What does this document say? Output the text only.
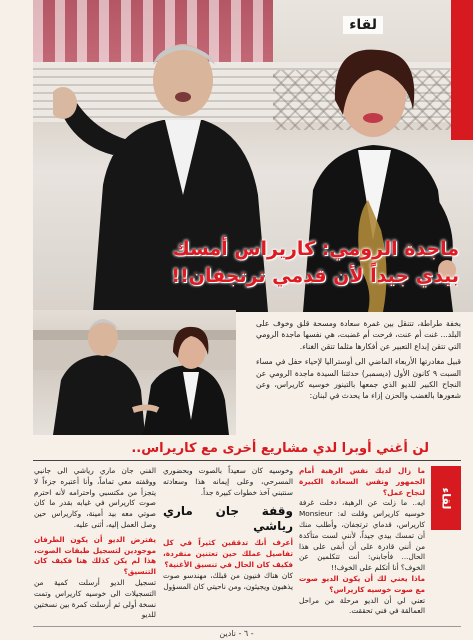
لقاء
ماجدة الرومي: كاريراس أمسك
بيدي جيداً لأن قدمي ترتجفان!!

بخفة طراطة، تتنقل بين غمرة سعادة ومسحة قلق وخوف على البلد... غنت أم عنت، فرحت أم غضبت، هي نفسها ماجدة الرومي التي تتقن إبداع التعبير عن أفكارها مثلما تتقن الغناء.

قبيل مغادرتها الأربعاء الماضي الى أوستراليا لإحياء حفل في مساء السبت ٩ كانون الأول (ديسمبر) حدثتنا السيدة ماجدة الرومي عن النجاح الكبير للديو الذي جمعها بالتينور خوسيه كاريراس، وعن شعورها بالغضب والحزن إزاء ما يحدث في لبنان:

لن أغني أوبرا لدي مشاريع أخرى مع كاريراس..
لقاء
ما زال لديك نفس الرهبة أمام الجمهور ونفس السعادة الكبيرة لنجاح عمل؟
ايه.. ما زلت عن الرهبة، دخلت غرفة خوسيه كاريراس وقلت له: Monsieur كاريراس، قدماي ترتجفان، وأطلب منك أن تمسك بيدي جيداً، لأنني لست متأكدة من أنني قادرة على أن أبقى على هذا الحال... فأجابني: أنت تتكلمين عن الخوف؟ أنا أتكلم على الخوف!!
ماذا يعني لك أن يكون الديو صوت مع صوت خوسيه كاريراس؟
تعني لي أن الديو مرحلة من مراحل العمالقة في فني تحققت.
وخوسيه كان سعيداً بالصوت وبحضوري المسرحي، وعلى إيمانه هذا وسعادته سنتبني آخذ خطوات كبيرة جداً.
وقفة جان ماري رياشي
أعرف أنك تدققين كثيراً في كل تفاصيل عملك حين تعتنين منفردة، فكيف كان الحال في تنسيق الأغنية؟
كان هناك فنيون من قبلك، مهندسو صوت يذهبون ويجيئون، ومن ناحيتي كان المسؤول
الفني جان ماري رياشي الى جانبي ووقفته معي تماماً، وأنا أعتبره جزءاً لا يتجزأ من مكتسبي واحترامه لأنه احترم صوت كاريراس في غيابه بقدر ما كان صوتي معه بيد أمينة، وكاريراس حين وصل العمل إليه، أثنى عليه.
يفترض الديو أن يكون الطرفان موجودين لتسجيل طبقات الصوت، هذا لم يكن كذلك هنا فكيف كان التنسيق؟
تسجيل الديو أرسلت كمية من التسجيلات الى خوسيه كاريراس وتمت نسخة أولى ثم أرسلت كمرة بين نسختين للديو
- ٦ - نادين
